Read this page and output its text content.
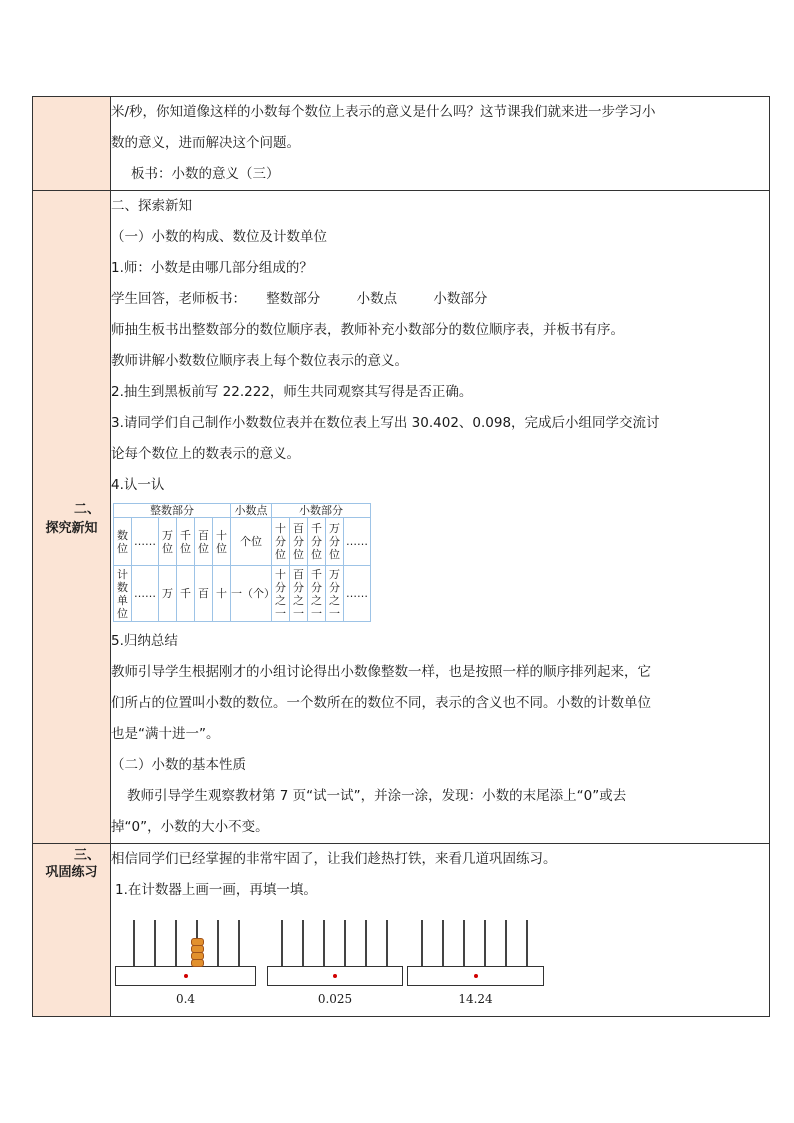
米/秒，你知道像这样的小数每个数位上表示的意义是什么吗？这节课我们就来进一步学习小
数的意义，进而解决这个问题。
板书：小数的意义（三）

二、
探究新知

二、探索新知
（一）小数的构成、数位及计数单位
1.师：小数是由哪几部分组成的？
学生回答，老师板书： 整数部分	小数点	小数部分
师抽生板书出整数部分的数位顺序表，教师补充小数部分的数位顺序表，并板书有序。
教师讲解小数数位顺序表上每个数位表示的意义。
2.抽生到黑板前写 22.222，师生共同观察其写得是否正确。
3.请同学们自己制作小数数位表并在数位表上写出 30.402、0.098，完成后小组同学交流讨
论每个数位上的数表示的意义。
4.认一认
整数部分	小数点	小数部分
数位	……	万位	千位	百位	十位	个位	十分位	百分位	千分位	万分位	……
计数单位	……	万	千	百	十	一（个）	十分之一	百分之一	千分之一	万分之一	……
5.归纳总结
教师引导学生根据刚才的小组讨论得出小数像整数一样，也是按照一样的顺序排列起来，它
们所占的位置叫小数的数位。一个数所在的数位不同，表示的含义也不同。小数的计数单位
也是“满十进一”。
（二）小数的基本性质
教师引导学生观察教材第 7 页“试一试”，并涂一涂，发现：小数的末尾添上“0”或去
掉“0”，小数的大小不变。

三、
巩固练习

相信同学们已经掌握的非常牢固了，让我们趁热打铁，来看几道巩固练习。
1.在计数器上画一画，再填一填。
0.4	0.025	14.24
